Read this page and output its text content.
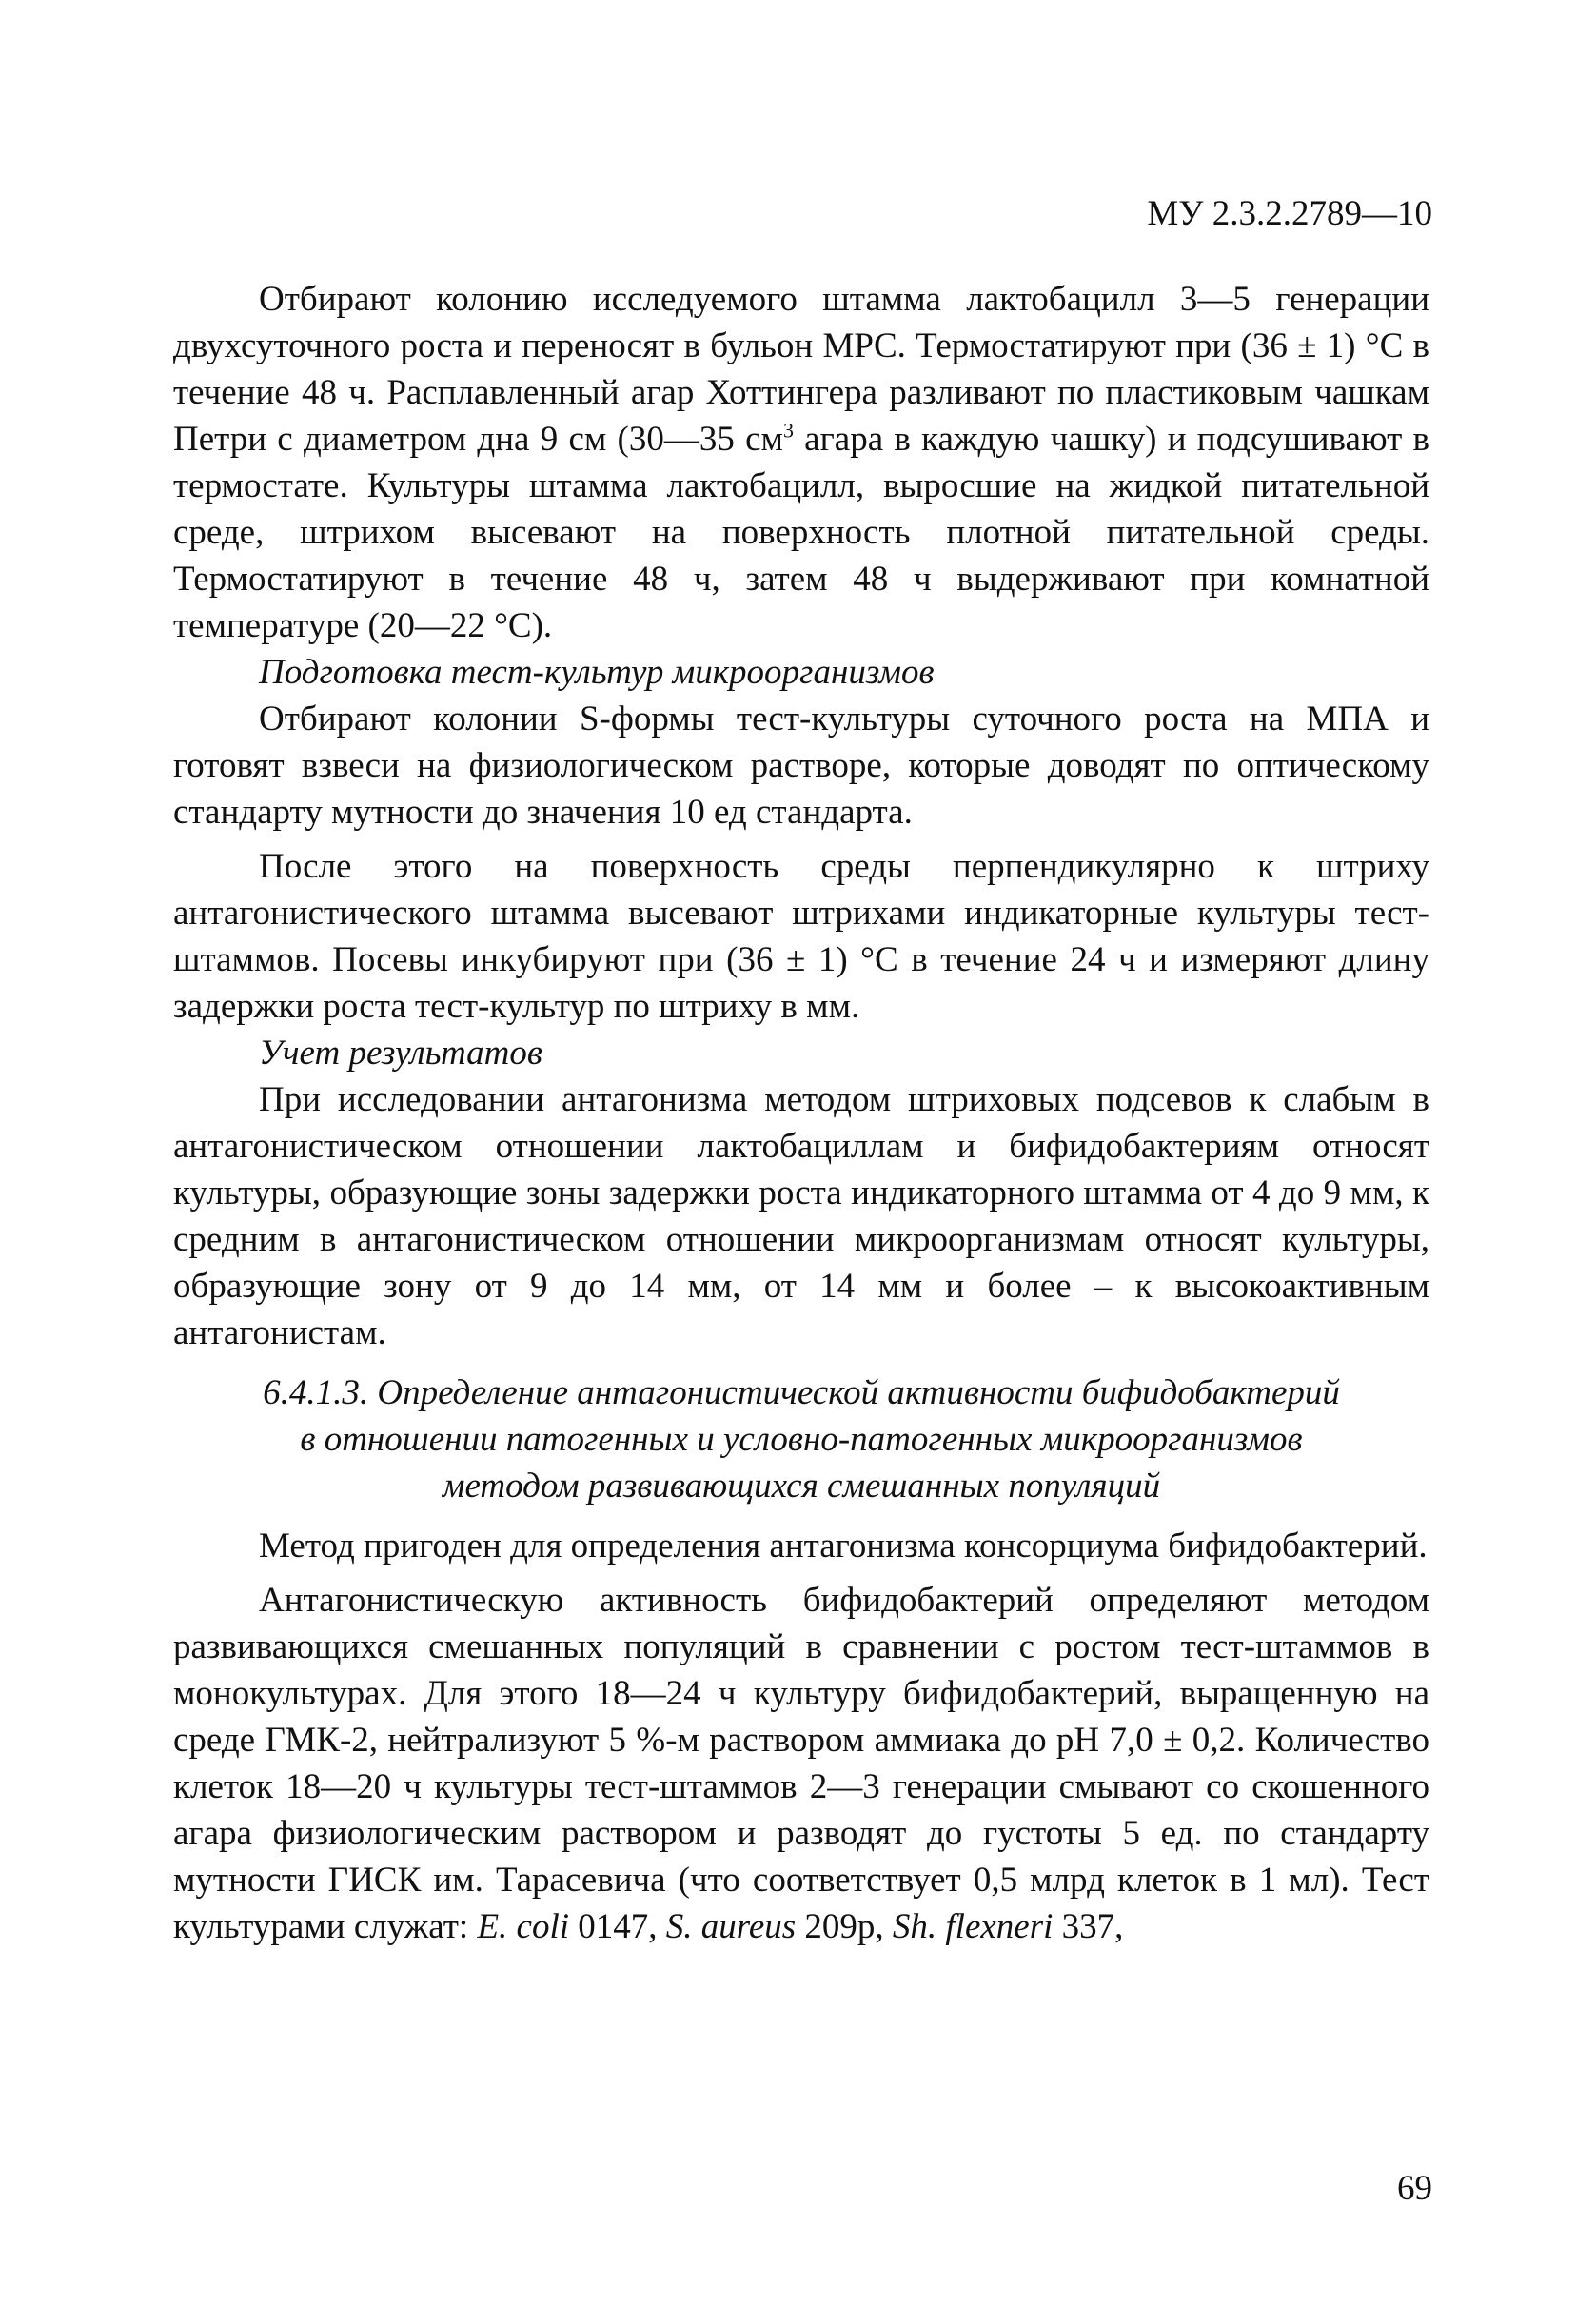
МУ 2.3.2.2789—10

Отбирают колонию исследуемого штамма лактобацилл 3—5 генерации двухсуточного роста и переносят в бульон MPC. Термостатируют при (36 ± 1) °С в течение 48 ч. Расплавленный агар Хоттингера разливают по пластиковым чашкам Петри с диаметром дна 9 см (30—35 $см^3$ агара в каждую чашку) и подсушивают в термостате. Культуры штамма лактобацилл, выросшие на жидкой питательной среде, штрихом высевают на поверхность плотной питательной среды. Термостатируют в течение 48 ч, затем 48 ч выдерживают при комнатной температуре (20—22 °С).

Подготовка тест-культур микроорганизмов

Отбирают колонии S-формы тест-культуры суточного роста на МПА и готовят взвеси на физиологическом растворе, которые доводят по оптическому стандарту мутности до значения 10 ед стандарта.

После этого на поверхность среды перпендикулярно к штриху антагонистического штамма высевают штрихами индикаторные культуры тест-штаммов. Посевы инкубируют при (36 ± 1) °С в течение 24 ч и измеряют длину задержки роста тест-культур по штриху в мм.

Учет результатов

При исследовании антагонизма методом штриховых подсевов к слабым в антагонистическом отношении лактобациллам и бифидобактериям относят культуры, образующие зоны задержки роста индикаторного штамма от 4 до 9 мм, к средним в антагонистическом отношении микроорганизмам относят культуры, образующие зону от 9 до 14 мм, от 14 мм и более – к высокоактивным антагонистам.

6.4.1.3. Определение антагонистической активности бифидобактерий
в отношении патогенных и условно-патогенных микроорганизмов
методом развивающихся смешанных популяций

Метод пригоден для определения антагонизма консорциума бифидобактерий.

Антагонистическую активность бифидобактерий определяют методом развивающихся смешанных популяций в сравнении с ростом тест-штаммов в монокультурах. Для этого 18—24 ч культуру бифидобактерий, выращенную на среде ГМК-2, нейтрализуют 5 %-м раствором аммиака до рН 7,0 ± 0,2. Количество клеток 18—20 ч культуры тест-штаммов 2—3 генерации смывают со скошенного агара физиологическим раствором и разводят до густоты 5 ед. по стандарту мутности ГИСК им. Тарасевича (что соответствует 0,5 млрд клеток в 1 мл). Тест культурами служат: E. coli 0147, S. aureus 209р, Sh. flexneri 337,

69
